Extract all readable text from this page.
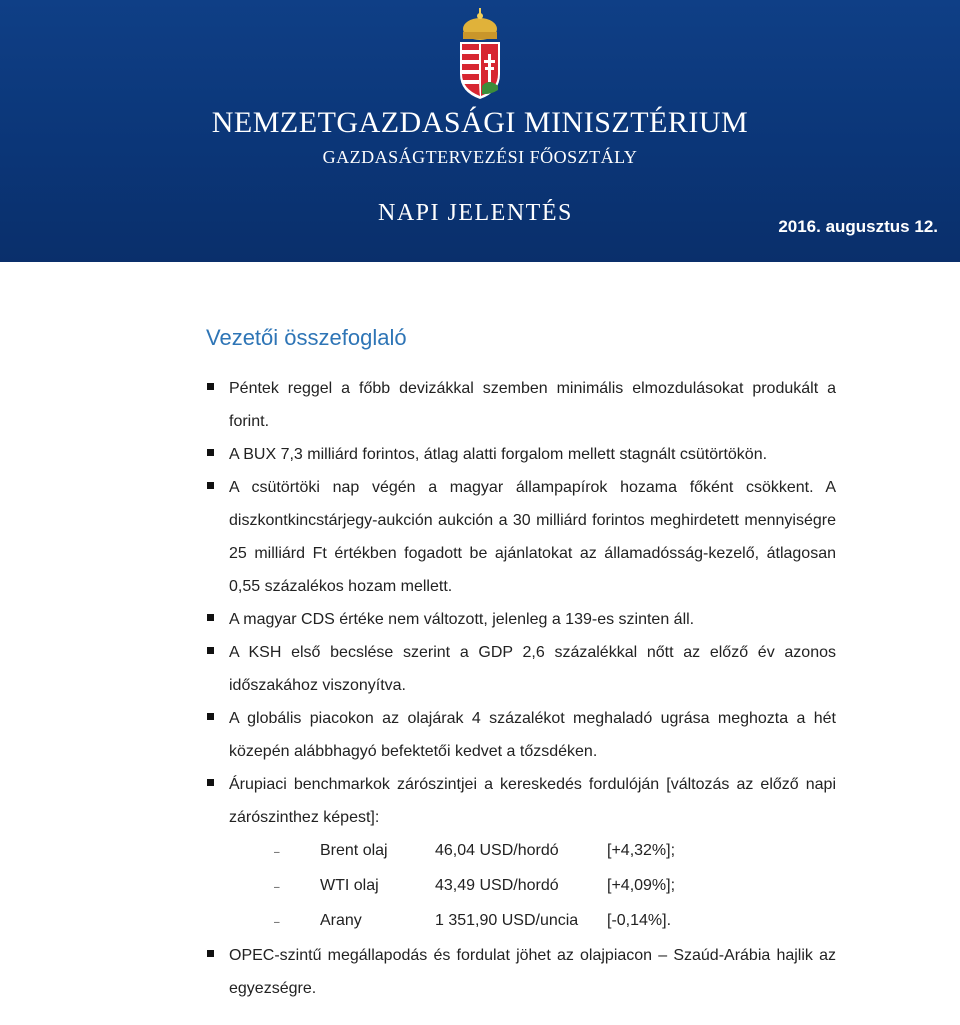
NEMZETGAZDASÁGI MINISZTÉRIUM
GAZDASÁGTERVEZÉSI FŐOSZTÁLY
NAPI JELENTÉS
2016. augusztus 12.
Vezetői összefoglaló
Péntek reggel a főbb devizákkal szemben minimális elmozdulásokat produkált a forint.
A BUX 7,3 milliárd forintos, átlag alatti forgalom mellett stagnált csütörtökön.
A csütörtöki nap végén a magyar állampapírok hozama főként csökkent. A diszkontkincstárjegy-aukción aukción a 30 milliárd forintos meghirdetett mennyiségre 25 milliárd Ft értékben fogadott be ajánlatokat az államadósság-kezelő, átlagosan 0,55 százalékos hozam mellett.
A magyar CDS értéke nem változott, jelenleg a 139-es szinten áll.
A KSH első becslése szerint a GDP 2,6 százalékkal nőtt az előző év azonos időszakához viszonyítva.
A globális piacokon az olajárak 4 százalékot meghaladó ugrása meghozta a hét közepén alábbhagyó befektetői kedvet a tőzsdéken.
Árupiaci benchmarkok zárószintjei a kereskedés fordulóján [változás az előző napi zárószinthez képest]:
–	Brent olaj	46,04 USD/hordó	[+4,32%];
–	WTI olaj	43,49 USD/hordó	[+4,09%];
–	Arany	1 351,90 USD/uncia	[-0,14%].
OPEC-szintű megállapodás és fordulat jöhet az olajpiacon – Szaúd-Arábia hajlik az egyezségre.
